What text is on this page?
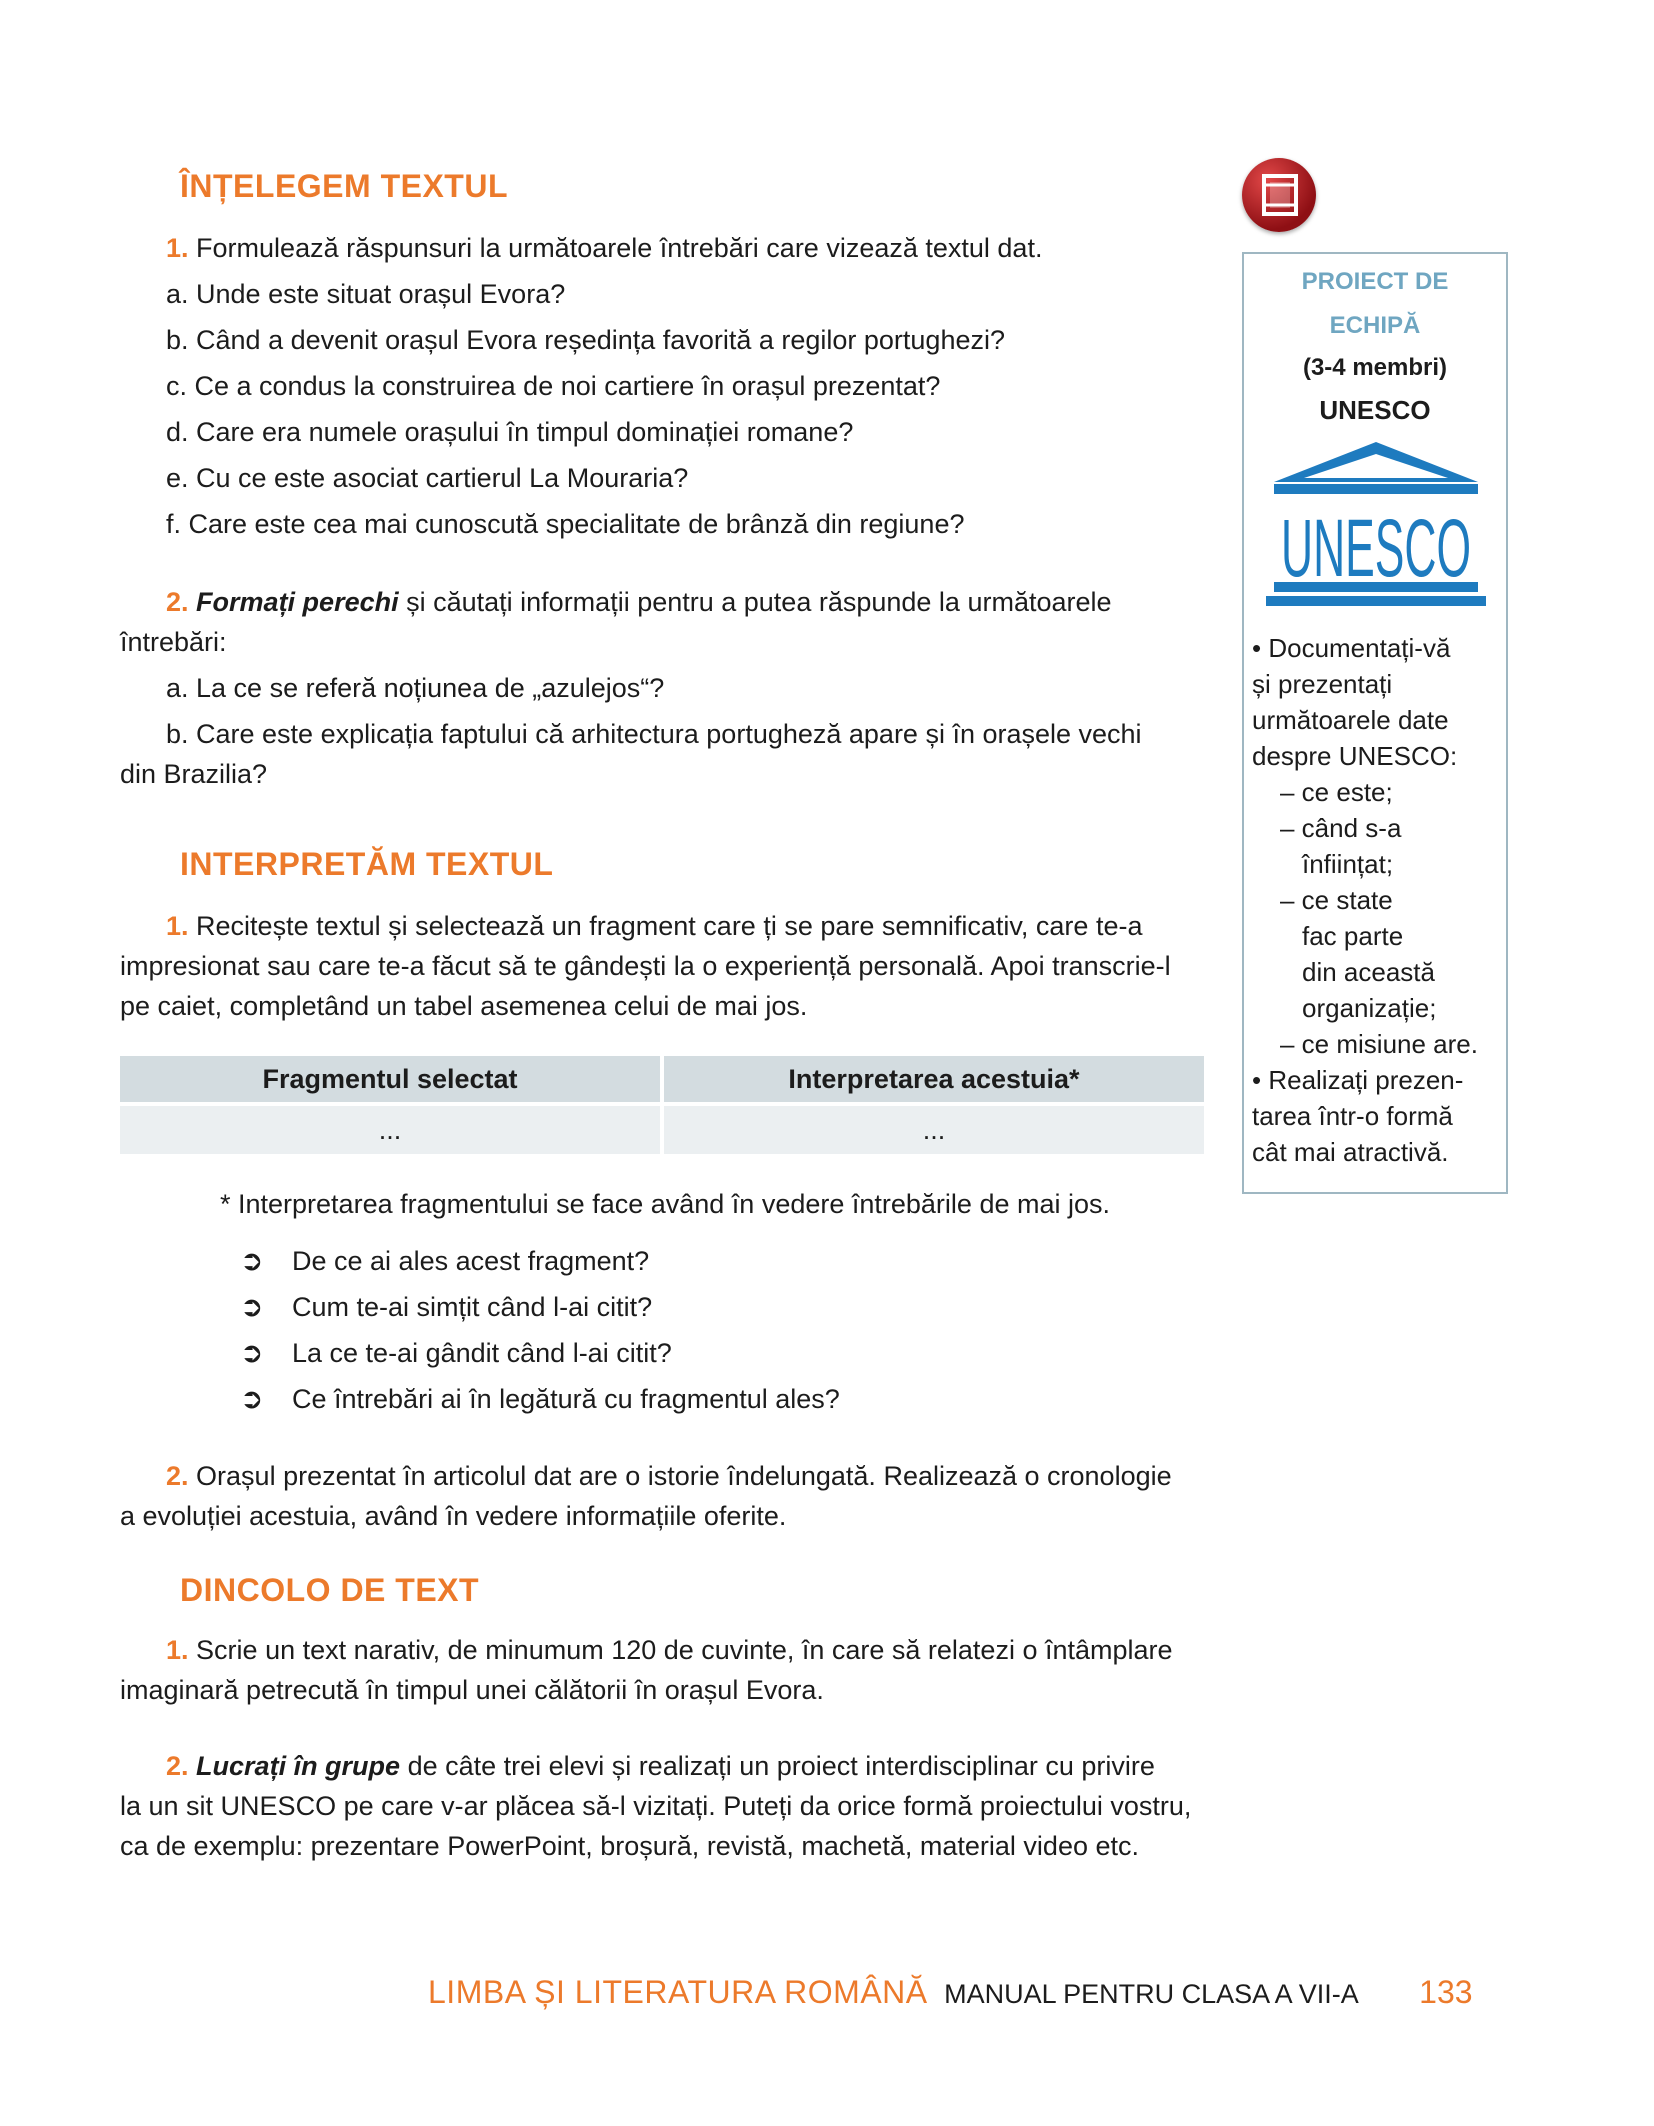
ÎNȚELEGEM TEXTUL
1. Formulează răspunsuri la următoarele întrebări care vizează textul dat.
a. Unde este situat orașul Evora?
b. Când a devenit orașul Evora reședința favorită a regilor portughezi?
c. Ce a condus la construirea de noi cartiere în orașul prezentat?
d. Care era numele orașului în timpul dominației romane?
e. Cu ce este asociat cartierul La Mouraria?
f. Care este cea mai cunoscută specialitate de brânză din regiune?
2. Formați perechi și căutați informații pentru a putea răspunde la următoarele
întrebări:
a. La ce se referă noțiunea de „azulejos“?
b. Care este explicația faptului că arhitectura portugheză apare și în orașele vechi
din Brazilia?
INTERPRETĂM TEXTUL
1. Recitește textul și selectează un fragment care ți se pare semnificativ, care te-a
impresionat sau care te-a făcut să te gândești la o experiență personală. Apoi transcrie-l
pe caiet, completând un tabel asemenea celui de mai jos.
Fragmentul selectat	Interpretarea acestuia*
...	...
* Interpretarea fragmentului se face având în vedere întrebările de mai jos.
➲ De ce ai ales acest fragment?
➲ Cum te-ai simțit când l-ai citit?
➲ La ce te-ai gândit când l-ai citit?
➲ Ce întrebări ai în legătură cu fragmentul ales?
2. Orașul prezentat în articolul dat are o istorie îndelungată. Realizează o cronologie
a evoluției acestuia, având în vedere informațiile oferite.
DINCOLO DE TEXT
1. Scrie un text narativ, de minumum 120 de cuvinte, în care să relatezi o întâmplare
imaginară petrecută în timpul unei călătorii în orașul Evora.
2. Lucrați în grupe de câte trei elevi și realizați un proiect interdisciplinar cu privire
la un sit UNESCO pe care v-ar plăcea să-l vizitați. Puteți da orice formă proiectului vostru,
ca de exemplu: prezentare PowerPoint, broșură, revistă, machetă, material video etc.
PROIECT DE
ECHIPĂ
(3-4 membri)
UNESCO
UNESCO
• Documentați-vă
și prezentați
următoarele date
despre UNESCO:
– ce este;
– când s-a
înființat;
– ce state
fac parte
din această
organizație;
– ce misiune are.
• Realizați prezen-
tarea într-o formă
cât mai atractivă.
LIMBA ȘI LITERATURA ROMÂNĂ MANUAL PENTRU CLASA A VII-A 133
